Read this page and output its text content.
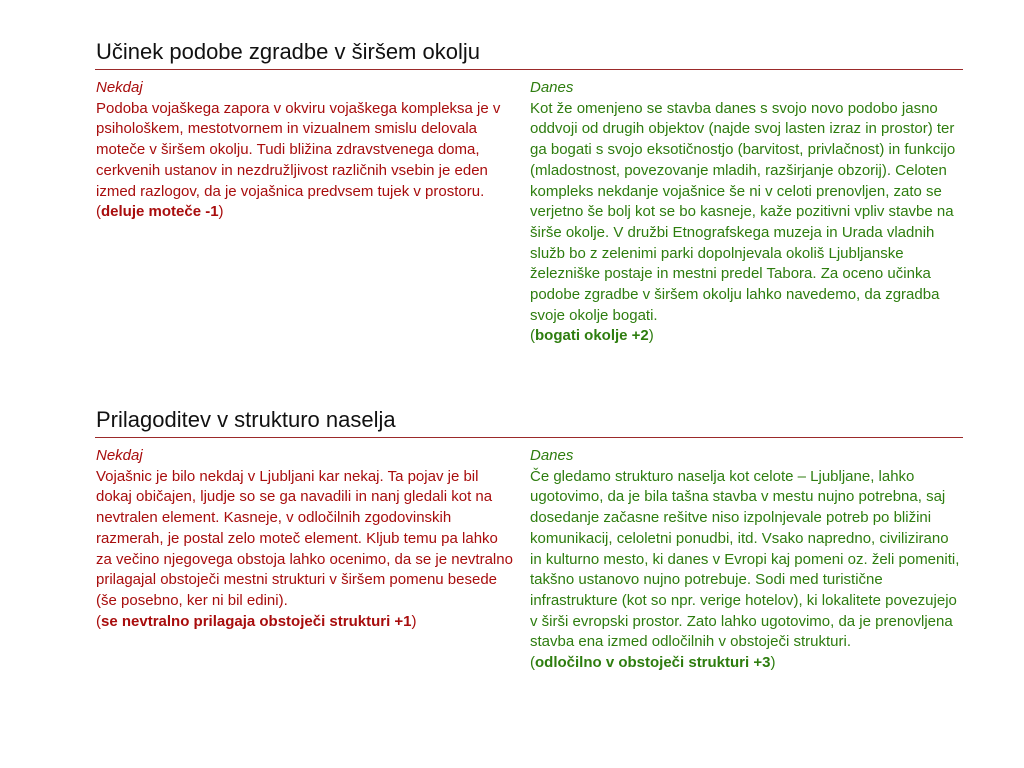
Učinek podobe zgradbe v širšem okolju
Nekdaj
Podoba vojaškega zapora v okviru vojaškega kompleksa je v psihološkem, mestotvornem in vizualnem smislu delovala moteče v širšem okolju. Tudi bližina zdravstvenega doma, cerkvenih ustanov in nezdružljivost različnih vsebin je eden izmed razlogov, da je vojašnica predvsem tujek v prostoru.
(deluje moteče -1)
Danes
Kot že omenjeno se stavba danes s svojo novo podobo jasno oddvoji od drugih objektov (najde svoj lasten izraz in prostor) ter ga bogati s svojo eksotičnostjo (barvitost, privlačnost) in funkcijo (mladostnost, povezovanje mladih, razširjanje obzorij). Celoten kompleks nekdanje vojašnice še ni v celoti prenovljen, zato se verjetno še bolj kot se bo kasneje, kaže pozitivni vpliv stavbe na širše okolje. V družbi Etnografskega muzeja in Urada vladnih služb bo z zelenimi parki dopolnjevala okoliš Ljubljanske železniške postaje in mestni predel Tabora. Za oceno učinka podobe zgradbe v širšem okolju lahko navedemo, da zgradba svoje okolje bogati.
(bogati okolje +2)
Prilagoditev v strukturo naselja
Nekdaj
Vojašnic je bilo nekdaj v Ljubljani kar nekaj. Ta pojav je bil dokaj običajen, ljudje so se ga navadili in nanj gledali kot na nevtralen element. Kasneje, v odločilnih zgodovinskih razmerah, je postal zelo moteč element. Kljub temu pa lahko za večino njegovega obstoja lahko ocenimo, da se je nevtralno prilagajal obstoječi mestni strukturi v širšem pomenu besede (še posebno, ker ni bil edini).
(se nevtralno prilagaja obstoječi strukturi +1)
Danes
Če gledamo strukturo naselja kot celote – Ljubljane, lahko ugotovimo, da je bila tašna stavba v mestu nujno potrebna, saj dosedanje začasne rešitve niso izpolnjevale potreb po bližini komunikacij, celoletni ponudbi, itd. Vsako napredno, civilizirano in kulturno mesto, ki danes v Evropi kaj pomeni oz. želi pomeniti, takšno ustanovo nujno potrebuje. Sodi med turistične infrastrukture (kot so npr. verige hotelov), ki lokalitete povezujejo v širši evropski prostor. Zato lahko ugotovimo, da je prenovljena stavba ena izmed odločilnih v obstoječi strukturi.
(odločilno v obstoječi strukturi +3)
